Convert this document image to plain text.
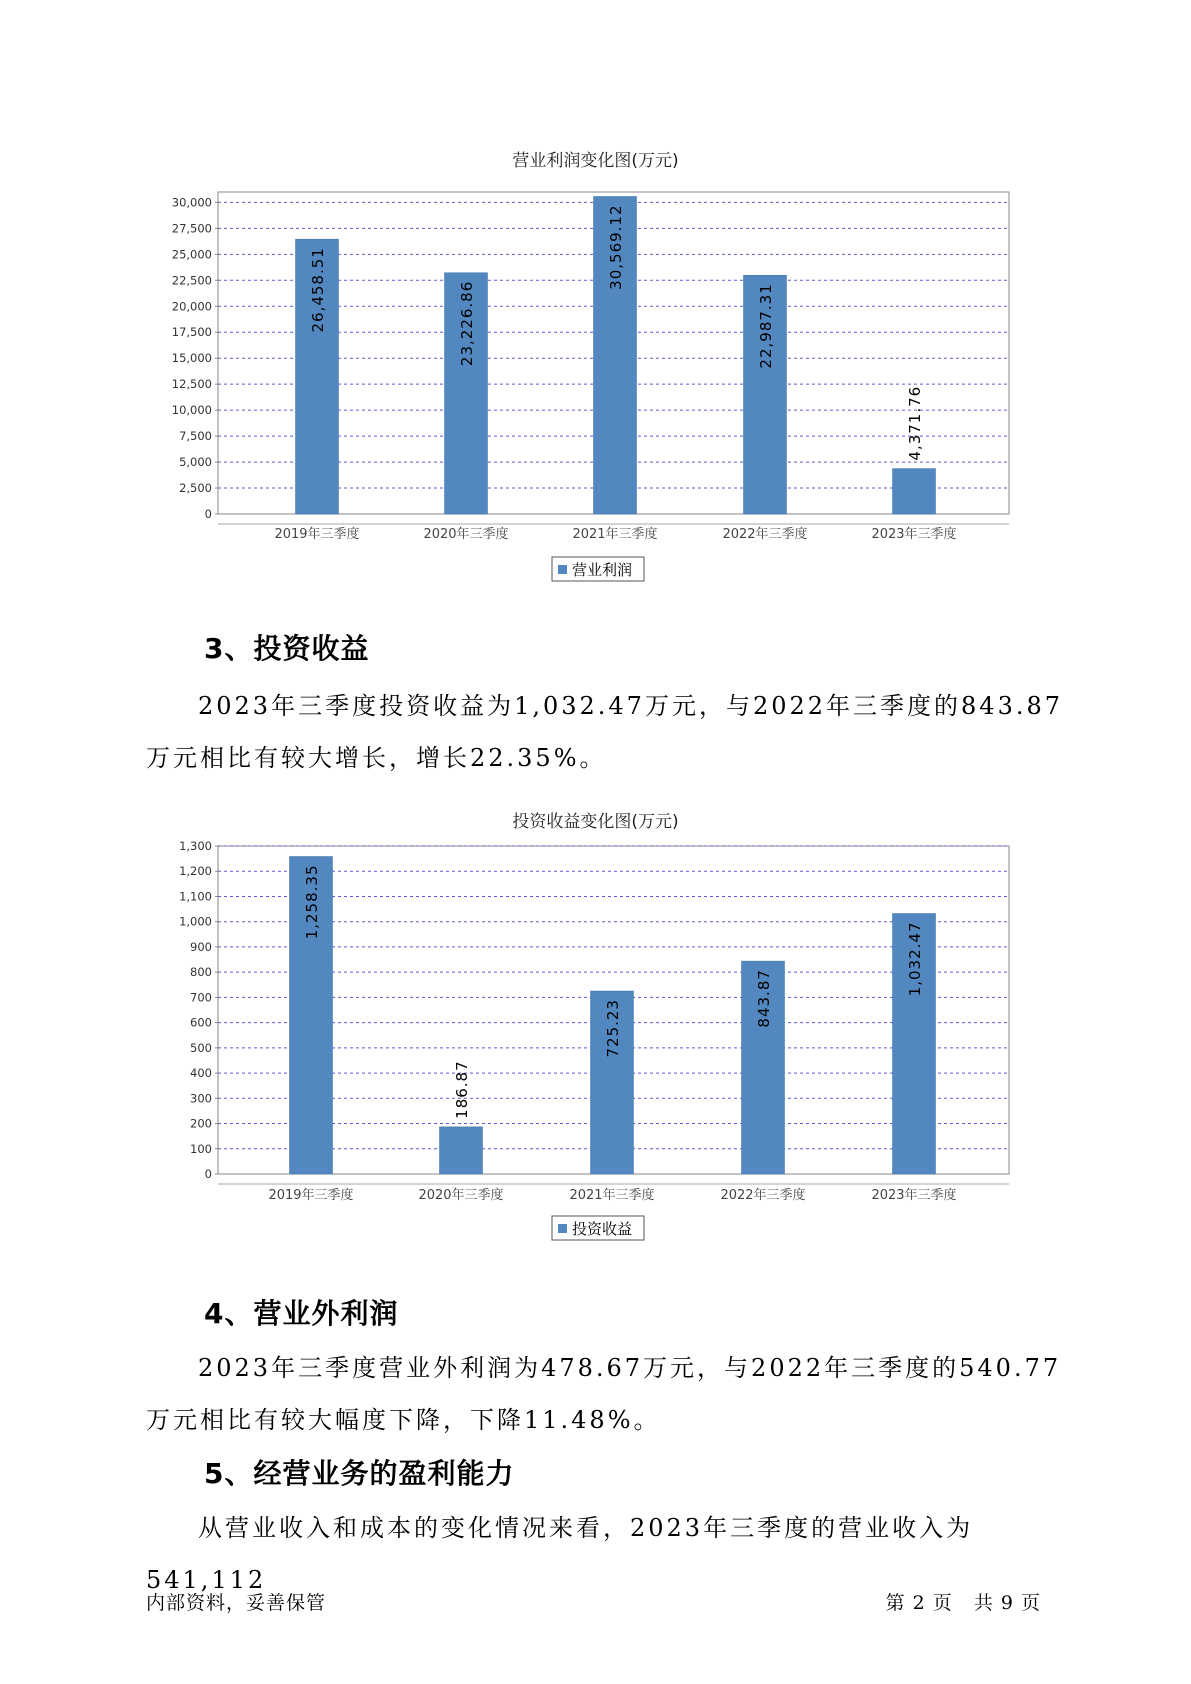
营业利润变化图(万元)
0
2,500
5,000
7,500
10,000
12,500
15,000
17,500
20,000
22,500
25,000
27,500
30,000
26,458.51
2019年三季度
23,226.86
2020年三季度
30,569.12
2021年三季度
22,987.31
2022年三季度
4,371.76
2023年三季度
营业利润
3、投资收益

2023年三季度投资收益为1,032.47万元，与2022年三季度的843.87万元相比有较大增长，增长22.35%。

投资收益变化图(万元)
0
100
200
300
400
500
600
700
800
900
1,000
1,100
1,200
1,300
1,258.35
2019年三季度
186.87
2020年三季度
725.23
2021年三季度
843.87
2022年三季度
1,032.47
2023年三季度
投资收益
4、营业外利润

2023年三季度营业外利润为478.67万元，与2022年三季度的540.77万元相比有较大幅度下降，下降11.48%。

5、经营业务的盈利能力

从营业收入和成本的变化情况来看，2023年三季度的营业收入为541,112

内部资料，妥善保管	第 2 页   共 9 页
